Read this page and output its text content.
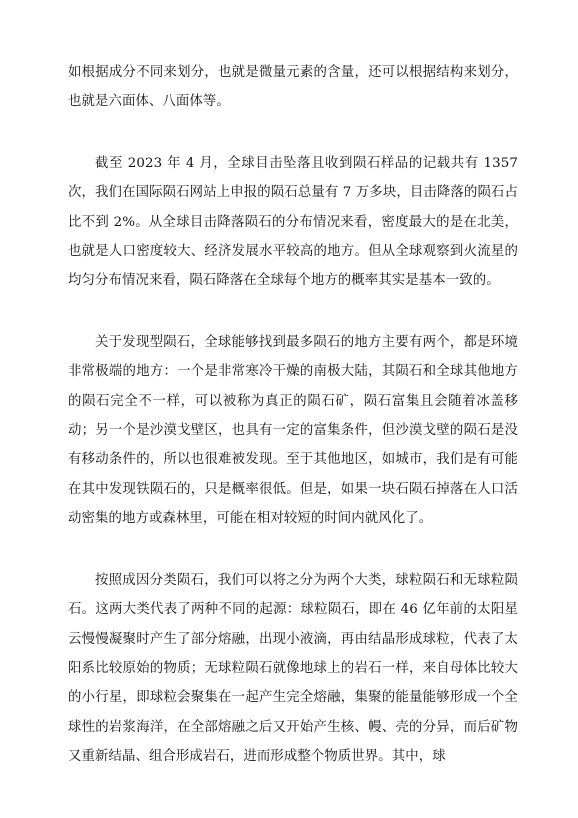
如根据成分不同来划分，也就是微量元素的含量，还可以根据结构来划分，也就是六面体、八面体等。

截至 2023 年 4 月，全球目击坠落且收到陨石样品的记载共有 1357 次，我们在国际陨石网站上申报的陨石总量有 7 万多块，目击降落的陨石占比不到 2%。从全球目击降落陨石的分布情况来看，密度最大的是在北美，也就是人口密度较大、经济发展水平较高的地方。但从全球观察到火流星的均匀分布情况来看，陨石降落在全球每个地方的概率其实是基本一致的。

关于发现型陨石，全球能够找到最多陨石的地方主要有两个，都是环境非常极端的地方：一个是非常寒冷干燥的南极大陆，其陨石和全球其他地方的陨石完全不一样，可以被称为真正的陨石矿，陨石富集且会随着冰盖移动；另一个是沙漠戈壁区，也具有一定的富集条件，但沙漠戈壁的陨石是没有移动条件的，所以也很难被发现。至于其他地区，如城市，我们是有可能在其中发现铁陨石的，只是概率很低。但是，如果一块石陨石掉落在人口活动密集的地方或森林里，可能在相对较短的时间内就风化了。

按照成因分类陨石，我们可以将之分为两个大类，球粒陨石和无球粒陨石。这两大类代表了两种不同的起源：球粒陨石，即在 46 亿年前的太阳星云慢慢凝聚时产生了部分熔融，出现小液滴，再由结晶形成球粒，代表了太阳系比较原始的物质；无球粒陨石就像地球上的岩石一样，来自母体比较大的小行星，即球粒会聚集在一起产生完全熔融，集聚的能量能够形成一个全球性的岩浆海洋，在全部熔融之后又开始产生核、幔、壳的分异，而后矿物又重新结晶、组合形成岩石，进而形成整个物质世界。其中，球
